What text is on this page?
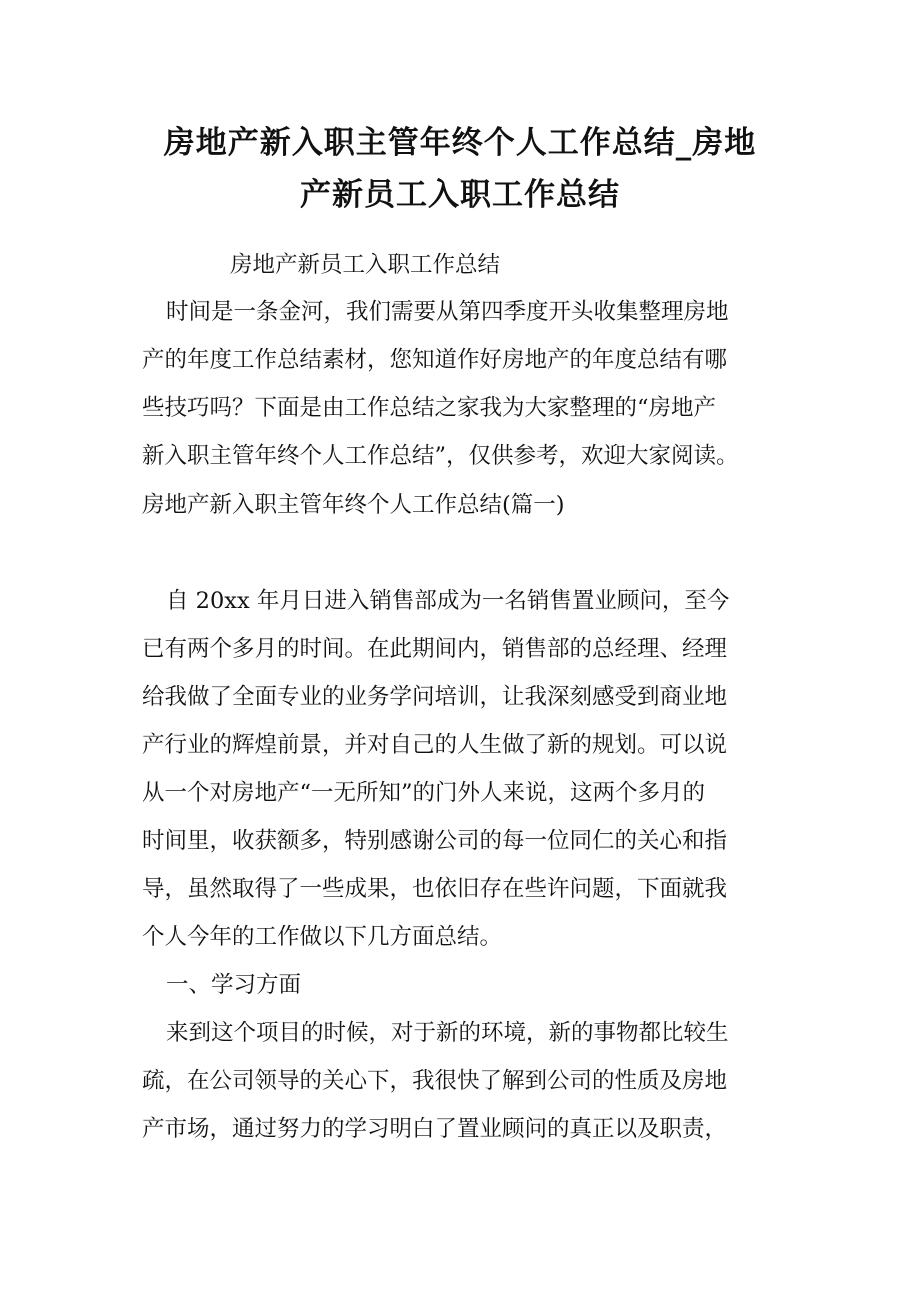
房地产新入职主管年终个人工作总结_房地
产新员工入职工作总结

房地产新员工入职工作总结

时间是一条金河，我们需要从第四季度开头收集整理房地

产的年度工作总结素材，您知道作好房地产的年度总结有哪

些技巧吗？下面是由工作总结之家我为大家整理的“房地产

新入职主管年终个人工作总结”，仅供参考，欢迎大家阅读。

房地产新入职主管年终个人工作总结(篇一)

自 20xx 年月日进入销售部成为一名销售置业顾问，至今

已有两个多月的时间。在此期间内，销售部的总经理、经理

给我做了全面专业的业务学问培训，让我深刻感受到商业地

产行业的辉煌前景，并对自己的人生做了新的规划。可以说

从一个对房地产“一无所知”的门外人来说，这两个多月的

时间里，收获额多，特别感谢公司的每一位同仁的关心和指

导，虽然取得了一些成果，也依旧存在些许问题，下面就我

个人今年的工作做以下几方面总结。

一、学习方面

来到这个项目的时候，对于新的环境，新的事物都比较生

疏，在公司领导的关心下，我很快了解到公司的性质及房地

产市场，通过努力的学习明白了置业顾问的真正以及职责，
